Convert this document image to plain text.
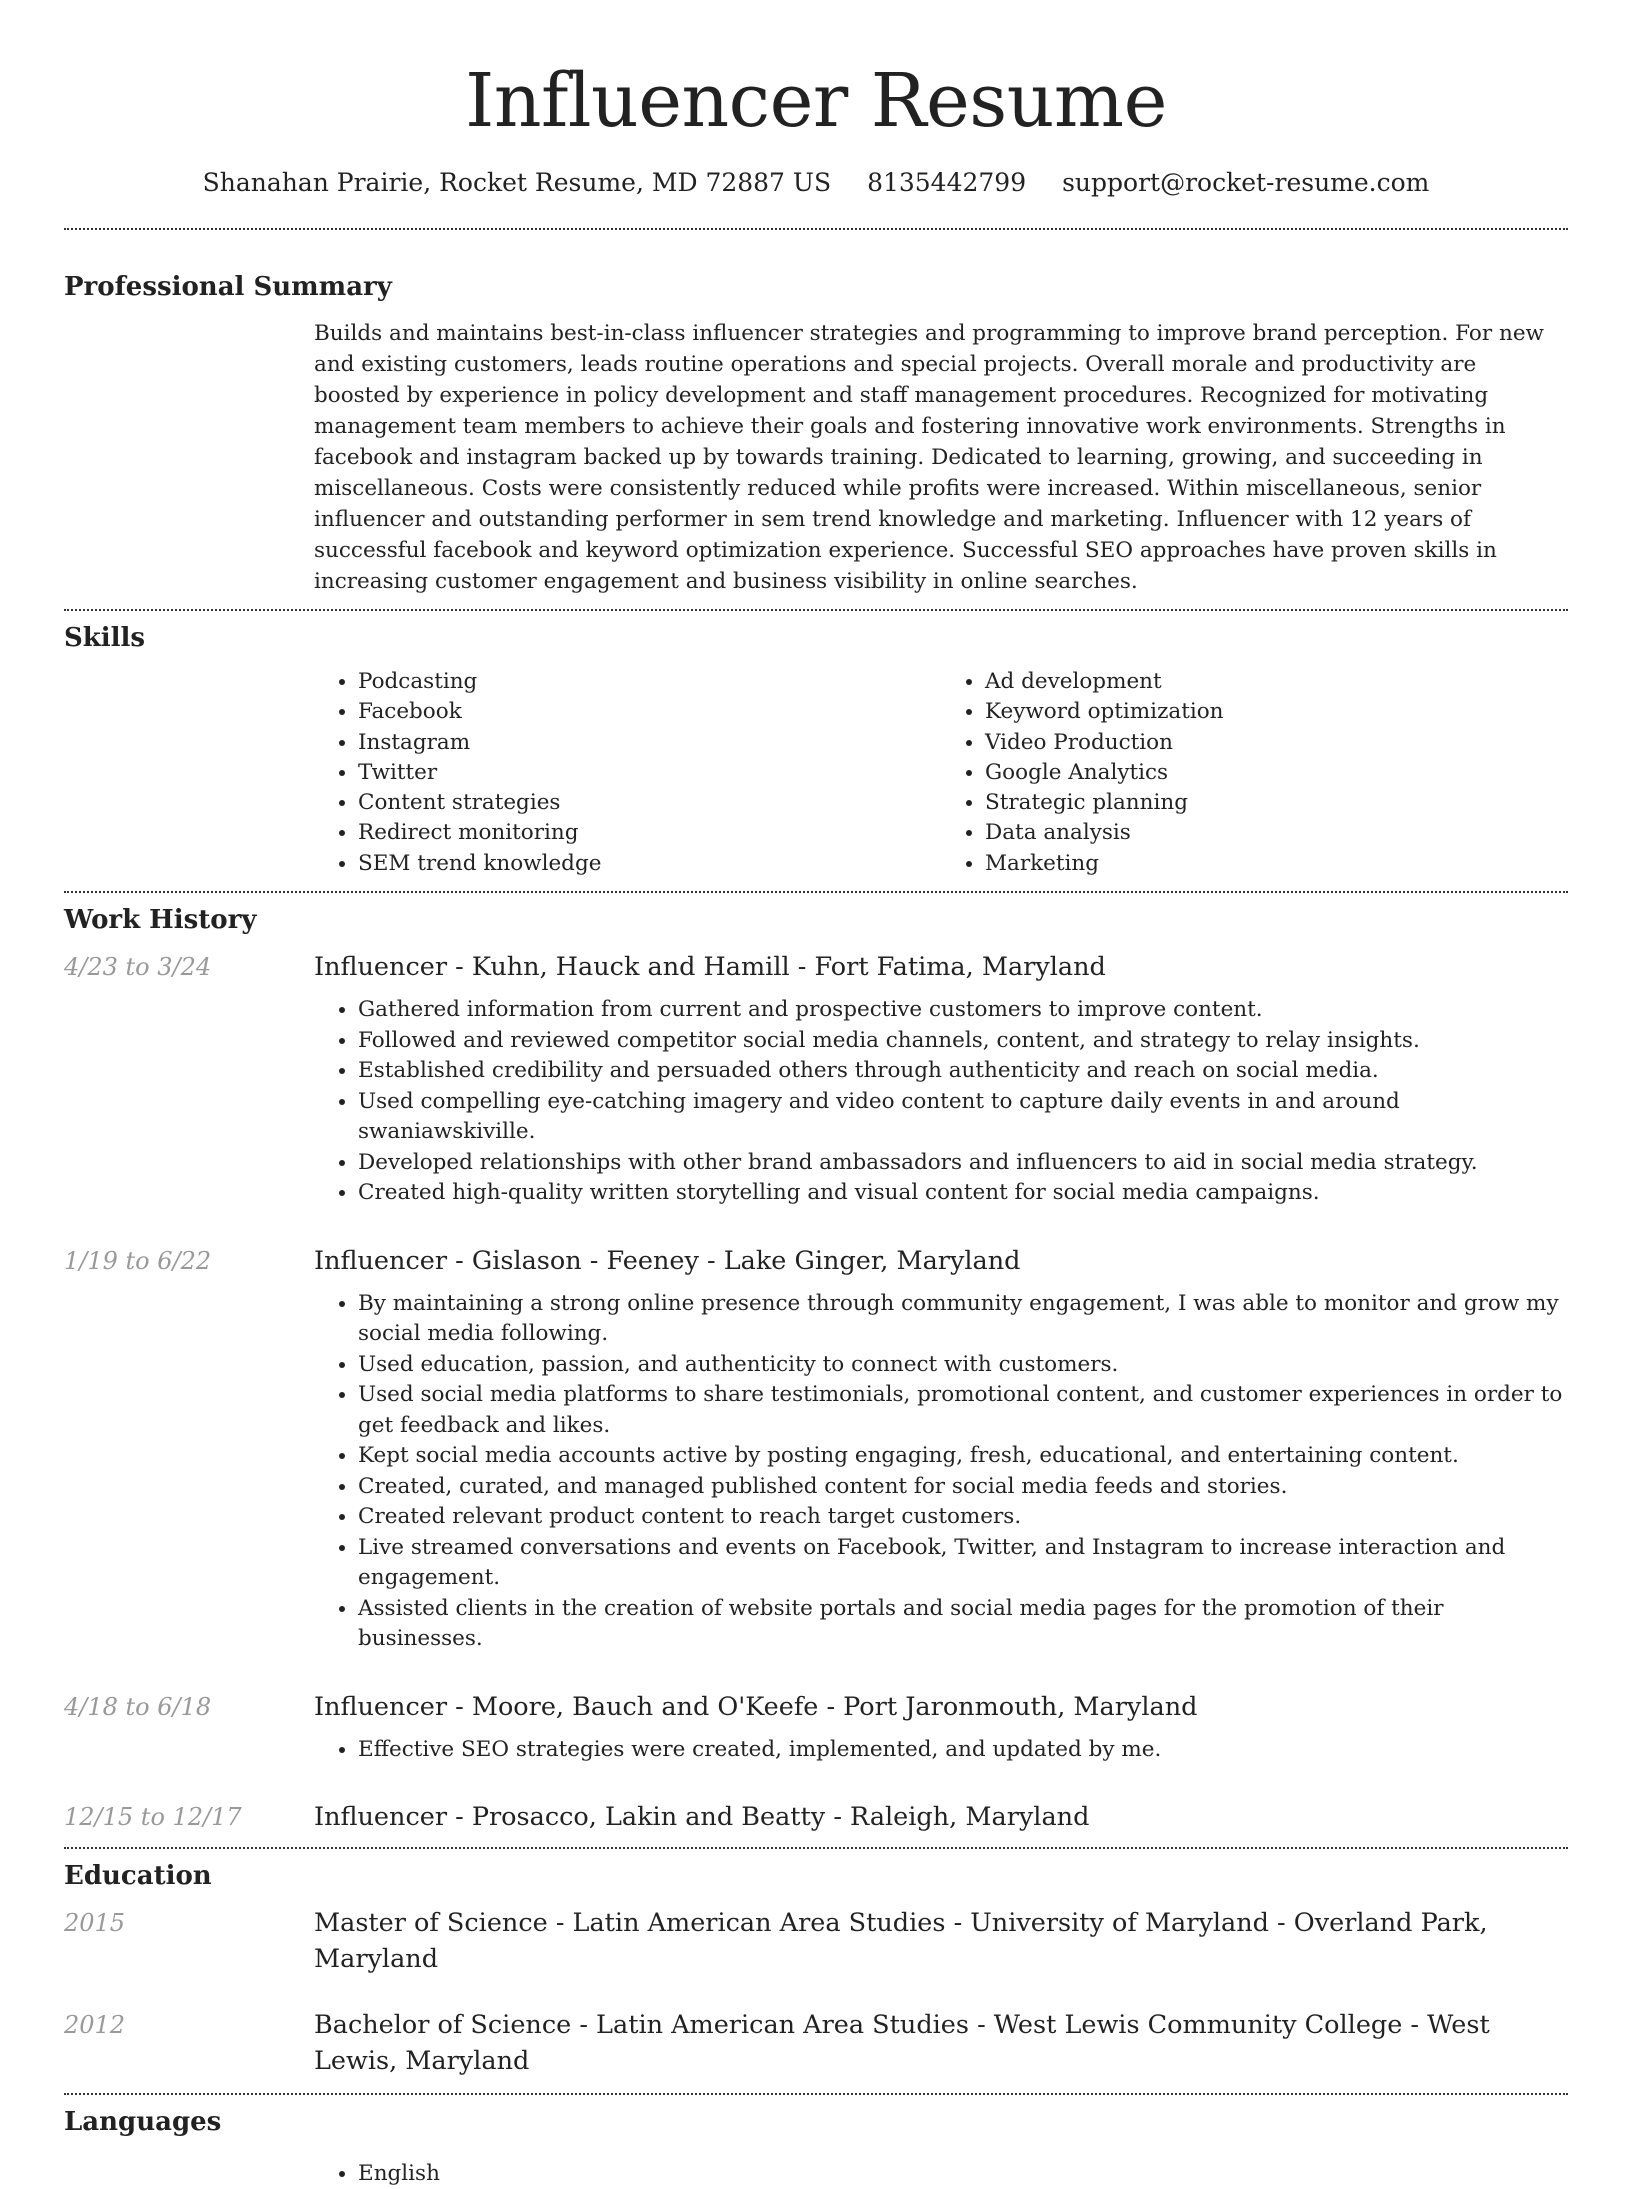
Influencer Resume
Shanahan Prairie, Rocket Resume, MD 72887 US 8135442799 support@rocket-resume.com
Professional Summary

Builds and maintains best-in-class influencer strategies and programming to improve brand perception. For new and existing customers, leads routine operations and special projects. Overall morale and productivity are boosted by experience in policy development and staff management procedures. Recognized for motivating management team members to achieve their goals and fostering innovative work environments. Strengths in facebook and instagram backed up by towards training. Dedicated to learning, growing, and succeeding in miscellaneous. Costs were consistently reduced while profits were increased. Within miscellaneous, senior influencer and outstanding performer in sem trend knowledge and marketing. Influencer with 12 years of successful facebook and keyword optimization experience. Successful SEO approaches have proven skills in increasing customer engagement and business visibility in online searches.

Skills
• Podcasting
• Facebook
• Instagram
• Twitter
• Content strategies
• Redirect monitoring
• SEM trend knowledge
• Ad development
• Keyword optimization
• Video Production
• Google Analytics
• Strategic planning
• Data analysis
• Marketing
Work History
4/23 to 3/24	Influencer - Kuhn, Hauck and Hamill - Fort Fatima, Maryland
• Gathered information from current and prospective customers to improve content.
• Followed and reviewed competitor social media channels, content, and strategy to relay insights.
• Established credibility and persuaded others through authenticity and reach on social media.
• Used compelling eye-catching imagery and video content to capture daily events in and around swaniawskiville.
• Developed relationships with other brand ambassadors and influencers to aid in social media strategy.
• Created high-quality written storytelling and visual content for social media campaigns.
1/19 to 6/22	Influencer - Gislason - Feeney - Lake Ginger, Maryland
• By maintaining a strong online presence through community engagement, I was able to monitor and grow my social media following.
• Used education, passion, and authenticity to connect with customers.
• Used social media platforms to share testimonials, promotional content, and customer experiences in order to get feedback and likes.
• Kept social media accounts active by posting engaging, fresh, educational, and entertaining content.
• Created, curated, and managed published content for social media feeds and stories.
• Created relevant product content to reach target customers.
• Live streamed conversations and events on Facebook, Twitter, and Instagram to increase interaction and engagement.
• Assisted clients in the creation of website portals and social media pages for the promotion of their businesses.
4/18 to 6/18	Influencer - Moore, Bauch and O'Keefe - Port Jaronmouth, Maryland
• Effective SEO strategies were created, implemented, and updated by me.
12/15 to 12/17	Influencer - Prosacco, Lakin and Beatty - Raleigh, Maryland
Education
2015	Master of Science - Latin American Area Studies - University of Maryland - Overland Park, Maryland
2012	Bachelor of Science - Latin American Area Studies - West Lewis Community College - West Lewis, Maryland
Languages
• English
